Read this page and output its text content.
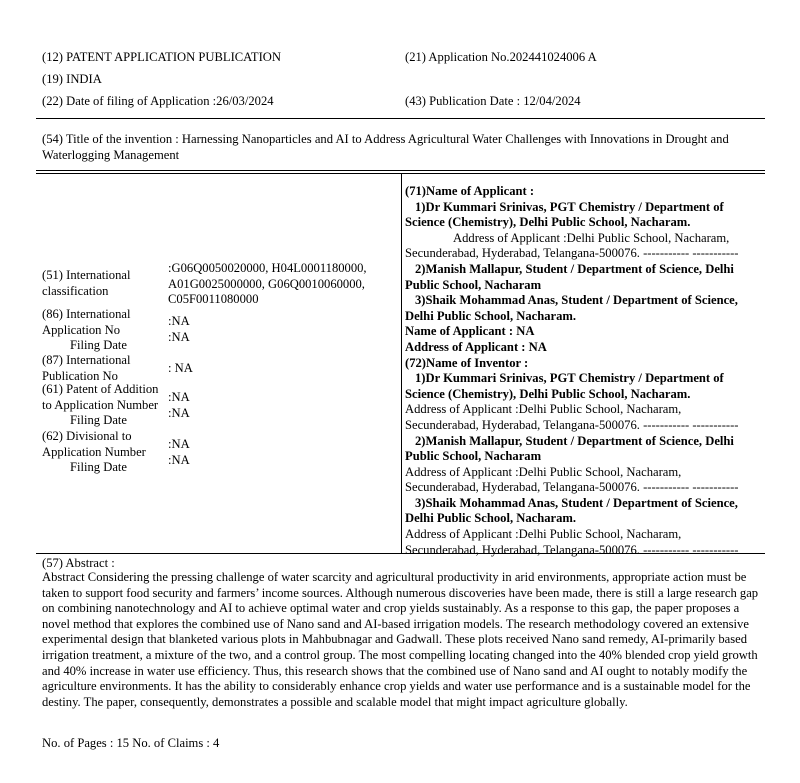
(12) PATENT APPLICATION PUBLICATION	(21) Application No.202441024006 A
(19) INDIA
(22) Date of filing of Application :26/03/2024	(43) Publication Date : 12/04/2024
(54) Title of the invention : Harnessing Nanoparticles and AI to Address Agricultural Water Challenges with Innovations in Drought and Waterlogging Management
(51) International
classification
:G06Q0050020000, H04L0001180000,
A01G0025000000, G06Q0010060000,
C05F0011080000
(86) International
Application No
Filing Date
:NA
:NA
(87) International
Publication No
: NA
(61) Patent of Addition
to Application Number
Filing Date
:NA
:NA
(62) Divisional to
Application Number
Filing Date
:NA
:NA
(71)Name of Applicant :
1)Dr Kummari Srinivas, PGT Chemistry / Department of
Science (Chemistry), Delhi Public School, Nacharam.
Address of Applicant :Delhi Public School, Nacharam,
Secunderabad, Hyderabad, Telangana-500076. ----------- -----------
2)Manish Mallapur, Student / Department of Science, Delhi
Public School, Nacharam
3)Shaik Mohammad Anas, Student / Department of Science,
Delhi Public School, Nacharam.
Name of Applicant : NA
Address of Applicant : NA
(72)Name of Inventor :
1)Dr Kummari Srinivas, PGT Chemistry / Department of
Science (Chemistry), Delhi Public School, Nacharam.
Address of Applicant :Delhi Public School, Nacharam,
Secunderabad, Hyderabad, Telangana-500076. ----------- -----------
2)Manish Mallapur, Student / Department of Science, Delhi
Public School, Nacharam
Address of Applicant :Delhi Public School, Nacharam,
Secunderabad, Hyderabad, Telangana-500076. ----------- -----------
3)Shaik Mohammad Anas, Student / Department of Science,
Delhi Public School, Nacharam.
Address of Applicant :Delhi Public School, Nacharam,
Secunderabad, Hyderabad, Telangana-500076. ----------- -----------
(57) Abstract :
Abstract Considering the pressing challenge of water scarcity and agricultural productivity in arid environments, appropriate action must be taken to support food security and farmers’ income sources. Although numerous discoveries have been made, there is still a large research gap on combining nanotechnology and AI to achieve optimal water and crop yields sustainably. As a response to this gap, the paper proposes a novel method that explores the combined use of Nano sand and AI-based irrigation models. The research methodology covered an extensive experimental design that blanketed various plots in Mahbubnagar and Gadwall. These plots received Nano sand remedy, AI-primarily based irrigation treatment, a mixture of the two, and a control group. The most compelling locating changed into the 40% blended crop yield growth and 40% increase in water use efficiency. Thus, this research shows that the combined use of Nano sand and AI ought to notably modify the agriculture environments. It has the ability to considerably enhance crop yields and water use performance and is a sustainable model for the destiny. The paper, consequently, demonstrates a possible and scalable model that might impact agriculture globally.
No. of Pages : 15 No. of Claims : 4
